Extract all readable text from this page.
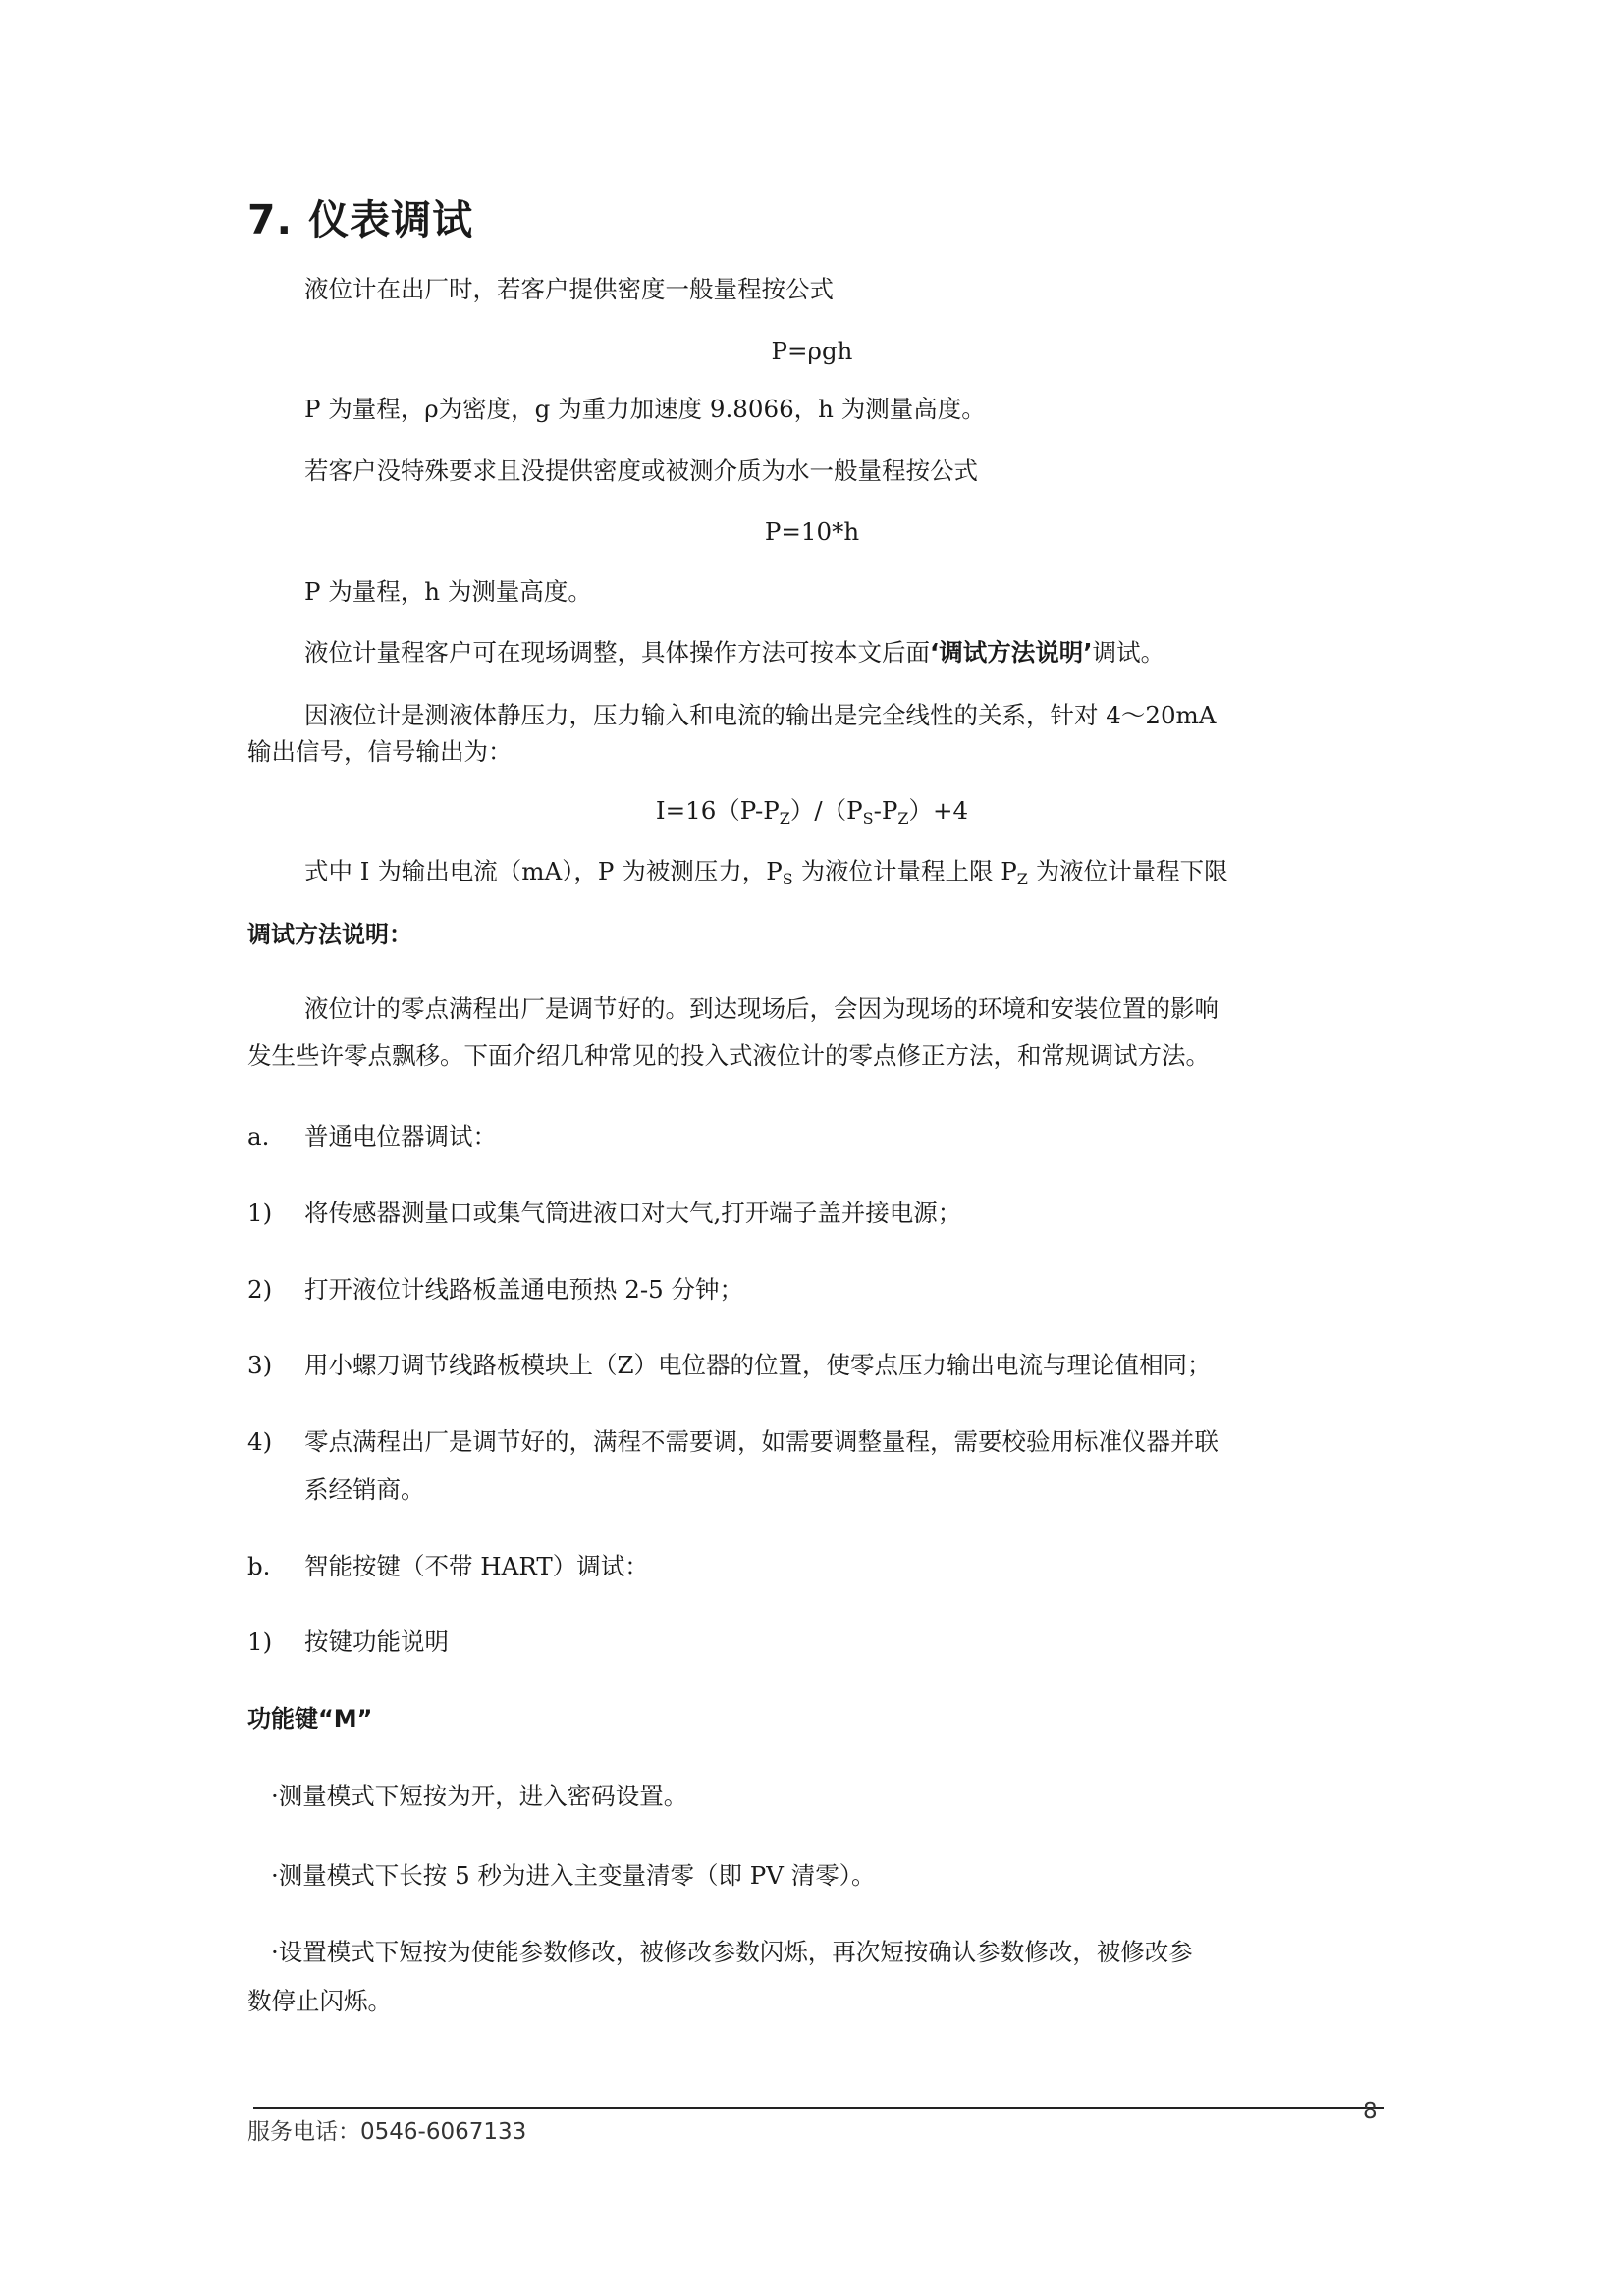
7. 仪表调试
液位计在出厂时，若客户提供密度一般量程按公式
P=ρgh
P 为量程，ρ为密度，g 为重力加速度 9.8066，h 为测量高度。
若客户没特殊要求且没提供密度或被测介质为水一般量程按公式
P=10*h
P 为量程，h 为测量高度。
液位计量程客户可在现场调整，具体操作方法可按本文后面‘调试方法说明’调试。
因液位计是测液体静压力，压力输入和电流的输出是完全线性的关系，针对 4～20mA
输出信号，信号输出为：
$I=16(P-P_Z)/(P_S-P_Z)+4$
式中 I 为输出电流（mA），P 为被测压力，$P_S$ 为液位计量程上限 $P_Z$ 为液位计量程下限
调试方法说明：
液位计的零点满程出厂是调节好的。到达现场后，会因为现场的环境和安装位置的影响
发生些许零点飘移。下面介绍几种常见的投入式液位计的零点修正方法，和常规调试方法。
a. 普通电位器调试：
1) 将传感器测量口或集气筒进液口对大气,打开端子盖并接电源；
2) 打开液位计线路板盖通电预热 2-5 分钟；
3) 用小螺刀调节线路板模块上（Z）电位器的位置，使零点压力输出电流与理论值相同；
4) 零点满程出厂是调节好的，满程不需要调，如需要调整量程，需要校验用标准仪器并联
系经销商。
b. 智能按键（不带 HART）调试：
1) 按键功能说明
功能键“M”
·测量模式下短按为开，进入密码设置。
·测量模式下长按 5 秒为进入主变量清零（即 PV 清零）。
·设置模式下短按为使能参数修改，被修改参数闪烁，再次短按确认参数修改，被修改参
数停止闪烁。
8
服务电话：0546-6067133
